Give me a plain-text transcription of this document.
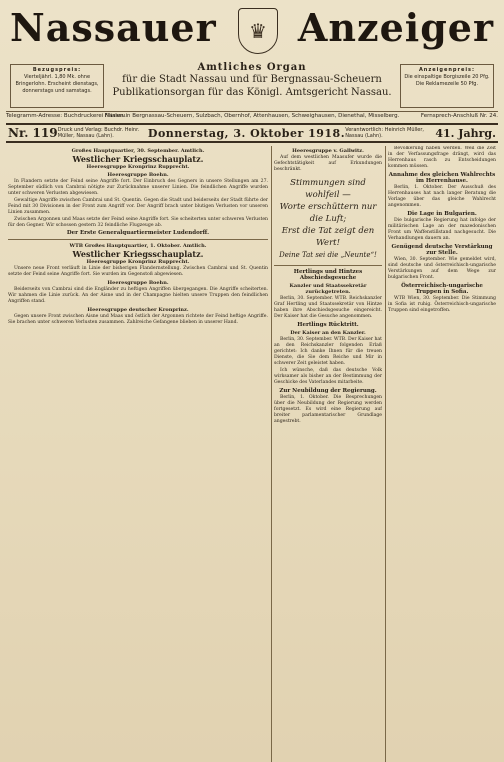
Nassauer	♛ Anzeiger
Bezugspreis:
Vierteljährl. 1,80 Mk. ohne Bringerlohn. Erscheint dienstags, donnerstags und samstags.
Amtliches Organ
für die Stadt Nassau und für Bergnassau-Scheuern
Publikationsorgan für das Königl. Amtsgericht Nassau.
Anzeigenpreis:
Die einspaltige Borgiszeile 20 Pfg. Die Reklamezeile 50 Pfg.
Telegramm-Adresse: Buchdruckerei Nassau.
Filialen in Bergnassau-Scheuern, Sulzbach, Obernhof, Attenhausen, Schweighausen, Dienethal, Misselberg.	Fernsprech-Anschluß Nr. 24.
Nr. 119 Druck und Verlag: Buchdr. Heinr. Müller, Nassau (Lahn).	Donnerstag, 3. Oktober 1918. Verantwortlich: Heinrich Müller, Nassau (Lahn).	41. Jahrg.
Großes Hauptquartier, 30. September. Amtlich.
Westlicher Kriegsschauplatz.
Heeresgruppe Kronprinz Rupprecht.
Heeresgruppe Boehn.

In Flandern setzte der Feind seine Angriffe fort. Der Einbruch des Gegners in unsere Stellungen am 27. September südlich von Cambrai nötigte zur Zurücknahme unserer Linien. Die feindlichen Angriffe wurden unter schweren Verlusten abgewiesen.

Gewaltige Angriffe zwischen Cambrai und St. Quentin. Gegen die Stadt und beiderseits der Stadt führte der Feind mit 30 Divisionen in der Front zum Angriff vor. Der Angriff brach unter blutigen Verlusten vor unseren Linien zusammen.

Zwischen Argonnen und Maas setzte der Feind seine Angriffe fort. Sie scheiterten unter schweren Verlusten für den Gegner. Wir schossen gestern 32 feindliche Flugzeuge ab.

Der Erste Generalquartiermeister Ludendorff.
WTB Großes Hauptquartier, 1. Oktober. Amtlich.
Westlicher Kriegsschauplatz.
Heeresgruppe Kronprinz Rupprecht.

Unsere neue Front verläuft in Linie der bisherigen Flandernstellung. Zwischen Cambrai und St. Quentin setzte der Feind seine Angriffe fort. Sie wurden im Gegenstoß abgewiesen.

Heeresgruppe Boehn.

Beiderseits von Cambrai sind die Engländer zu heftigen Angriffen übergegangen. Die Angriffe scheiterten. Wir nahmen die Linie zurück. An der Aisne und in der Champagne hielten unsere Truppen den feindlichen Angriffen stand.

Heeresgruppe deutscher Kronprinz.

Gegen unsere Front zwischen Aisne und Maas und östlich der Argonnen richtete der Feind heftige Angriffe. Sie brachen unter schweren Verlusten zusammen. Zahlreiche Gefangene blieben in unserer Hand.

Heeresgruppe v. Gallwitz.

Auf dem westlichen Maasufer wurde die Gefechtstätigkeit auf Erkundungen beschränkt.

Stimmungen sind wohlfeil —
Worte erschüttern nur die Luft;
Erst die Tat zeigt den Wert!
Deine Tat sei die „Neunte“!
Hertlings und Hintzes Abschiedsgesuche
Kanzler und Staatssekretär zurückgetreten.

Berlin, 30. September. WTB. Reichskanzler Graf Hertling und Staatssekretär von Hintze haben ihre Abschiedsgesuche eingereicht. Der Kaiser hat die Gesuche angenommen.

Hertlings Rücktritt.
Der Kaiser an den Kanzler.

Berlin, 30. September. WTB. Der Kaiser hat an den Reichskanzler folgenden Erlaß gerichtet: Ich danke Ihnen für die treuen Dienste, die Sie dem Reiche und Mir in schwerer Zeit geleistet haben.

Ich wünsche, daß das deutsche Volk wirksamer als bisher an der Bestimmung der Geschicke des Vaterlandes mitarbeite.

Zur Neubildung der Regierung.

Berlin, 1. Oktober. Die Besprechungen über die Neubildung der Regierung werden fortgesetzt. Es wird eine Regierung auf breiter parlamentarischer Grundlage angestrebt.

Bevölkerung haben werden. Weil die Zeit in der Verfassungsfrage drängt, wird das Herrenhaus rasch zu Entscheidungen kommen müssen.

Annahme des gleichen Wahlrechts im Herrenhause.

Berlin, 1. Oktober. Der Ausschuß des Herrenhauses hat nach langer Beratung die Vorlage über das gleiche Wahlrecht angenommen.

Die Lage in Bulgarien.

Die bulgarische Regierung hat infolge der militärischen Lage an der mazedonischen Front um Waffenstillstand nachgesucht. Die Verhandlungen dauern an.

Genügend deutsche Verstärkung zur Stelle.

Wien, 30. September. Wie gemeldet wird, sind deutsche und österreichisch-ungarische Verstärkungen auf dem Wege zur bulgarischen Front.

Österreichisch-ungarische Truppen in Sofia.

WTB Wien, 30. September. Die Stimmung in Sofia ist ruhig. Österreichisch-ungarische Truppen sind eingetroffen.
